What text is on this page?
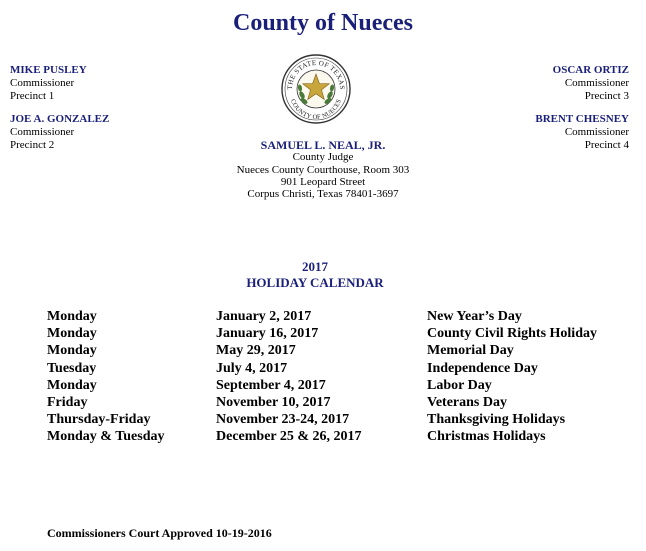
County of Nueces
MIKE PUSLEY
Commissioner
Precinct 1
JOE A. GONZALEZ
Commissioner
Precinct 2
OSCAR ORTIZ
Commissioner
Precinct 3
BRENT CHESNEY
Commissioner
Precinct 4
THE STATE OF TEXAS
COUNTY OF NUECES
SAMUEL L. NEAL, JR.
County Judge
Nueces County Courthouse, Room 303
901 Leopard Street
Corpus Christi, Texas 78401-3697
2017
HOLIDAY CALENDAR
Monday	January 2, 2017	New Year’s Day
Monday	January 16, 2017	County Civil Rights Holiday
Monday	May 29, 2017	Memorial Day
Tuesday	July 4, 2017	Independence Day
Monday	September 4, 2017	Labor Day
Friday	November 10, 2017	Veterans Day
Thursday-Friday	November 23-24, 2017	Thanksgiving Holidays
Monday & Tuesday	December 25 & 26, 2017	Christmas Holidays
Commissioners Court Approved 10-19-2016
